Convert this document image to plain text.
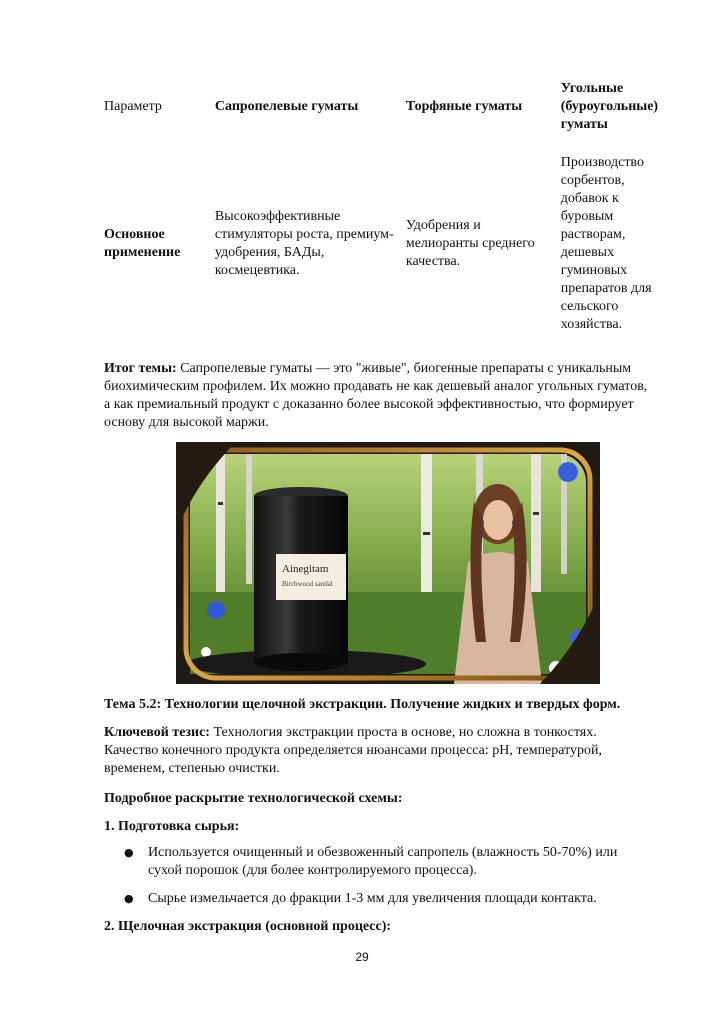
Параметр	Сапропелевые гуматы	Торфяные гуматы	Угольные (буроугольные) гуматы
Основное применение	Высокоэффективные стимуляторы роста, премиум-удобрения, БАДы, космецевтика.	Удобрения и мелиоранты среднего качества.	Производство сорбентов, добавок к буровым растворам, дешевых гуминовых препаратов для сельского хозяйства.

Итог темы: Сапропелевые гуматы — это "живые", биогенные препараты с уникальным биохимическим профилем. Их можно продавать не как дешевый аналог угольных гуматов, а как премиальный продукт с доказанно более высокой эффективностью, что формирует основу для высокой маржи.

Ainegitam
Birchwood sandal

Тема 5.2: Технологии щелочной экстракции. Получение жидких и твердых форм.

Ключевой тезис: Технология экстракции проста в основе, но сложна в тонкостях. Качество конечного продукта определяется нюансами процесса: pH, температурой, временем, степенью очистки.

Подробное раскрытие технологической схемы:

1. Подготовка сырья:

● Используется очищенный и обезвоженный сапропель (влажность 50-70%) или сухой порошок (для более контролируемого процесса).
● Сырье измельчается до фракции 1-3 мм для увеличения площади контакта.

2. Щелочная экстракция (основной процесс):

29
